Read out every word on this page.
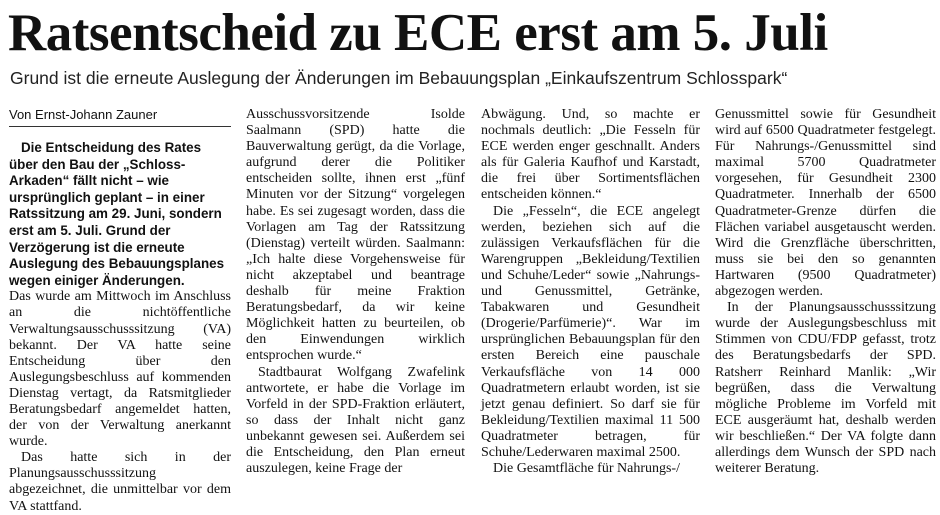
Ratsentscheid zu ECE erst am 5. Juli
Grund ist die erneute Auslegung der Änderungen im Bebauungsplan „Einkaufszentrum Schlosspark“
Von Ernst-Johann Zauner

Die Entscheidung des Rates über den Bau der „Schloss-Arkaden“ fällt nicht – wie ursprünglich geplant – in einer Ratssitzung am 29. Juni, sondern erst am 5. Juli. Grund der Verzögerung ist die erneute Auslegung des Bebauungsplanes wegen einiger Änderungen.

Das wurde am Mittwoch im Anschluss an die nichtöffentliche Verwaltungsausschusssitzung (VA) bekannt. Der VA hatte seine Entscheidung über den Auslegungsbeschluss auf kommenden Dienstag vertagt, da Ratsmitglieder Beratungsbedarf angemeldet hatten, der von der Verwaltung anerkannt wurde.

Das hatte sich in der Planungsausschusssitzung abgezeichnet, die unmittelbar vor dem VA stattfand.

Ausschussvorsitzende Isolde Saalmann (SPD) hatte die Bauverwaltung gerügt, da die Vorlage, aufgrund derer die Politiker entscheiden sollte, ihnen erst „fünf Minuten vor der Sitzung“ vorgelegen habe. Es sei zugesagt worden, dass die Vorlagen am Tag der Ratssitzung (Dienstag) verteilt würden. Saalmann: „Ich halte diese Vorgehensweise für nicht akzeptabel und beantrage deshalb für meine Fraktion Beratungsbedarf, da wir keine Möglichkeit hatten zu beurteilen, ob den Einwendungen wirklich entsprochen wurde.“

Stadtbaurat Wolfgang Zwafelink antwortete, er habe die Vorlage im Vorfeld in der SPD-Fraktion erläutert, so dass der Inhalt nicht ganz unbekannt gewesen sei. Außerdem sei die Entscheidung, den Plan erneut auszulegen, keine Frage der

Abwägung. Und, so machte er nochmals deutlich: „Die Fesseln für ECE werden enger geschnallt. Anders als für Galeria Kaufhof und Karstadt, die frei über Sortimentsflächen entscheiden können.“

Die „Fesseln“, die ECE angelegt werden, beziehen sich auf die zulässigen Verkaufsflächen für die Warengruppen „Bekleidung/Textilien und Schuhe/Leder“ sowie „Nahrungs- und Genussmittel, Getränke, Tabakwaren und Gesundheit (Drogerie/Parfümerie)“. War im ursprünglichen Bebauungsplan für den ersten Bereich eine pauschale Verkaufsfläche von 14 000 Quadratmetern erlaubt worden, ist sie jetzt genau definiert. So darf sie für Bekleidung/Textilien maximal 11 500 Quadratmeter betragen, für Schuhe/Lederwaren maximal 2500.

Die Gesamtfläche für Nahrungs-/

Genussmittel sowie für Gesundheit wird auf 6500 Quadratmeter festgelegt. Für Nahrungs-/Genussmittel sind maximal 5700 Quadratmeter vorgesehen, für Gesundheit 2300 Quadratmeter. Innerhalb der 6500 Quadratmeter-Grenze dürfen die Flächen variabel ausgetauscht werden. Wird die Grenzfläche überschritten, muss sie bei den so genannten Hartwaren (9500 Quadratmeter) abgezogen werden.

In der Planungsausschusssitzung wurde der Auslegungsbeschluss mit Stimmen von CDU/FDP gefasst, trotz des Beratungsbedarfs der SPD. Ratsherr Reinhard Manlik: „Wir begrüßen, dass die Verwaltung mögliche Probleme im Vorfeld mit ECE ausgeräumt hat, deshalb werden wir beschließen.“ Der VA folgte dann allerdings dem Wunsch der SPD nach weiterer Beratung.
